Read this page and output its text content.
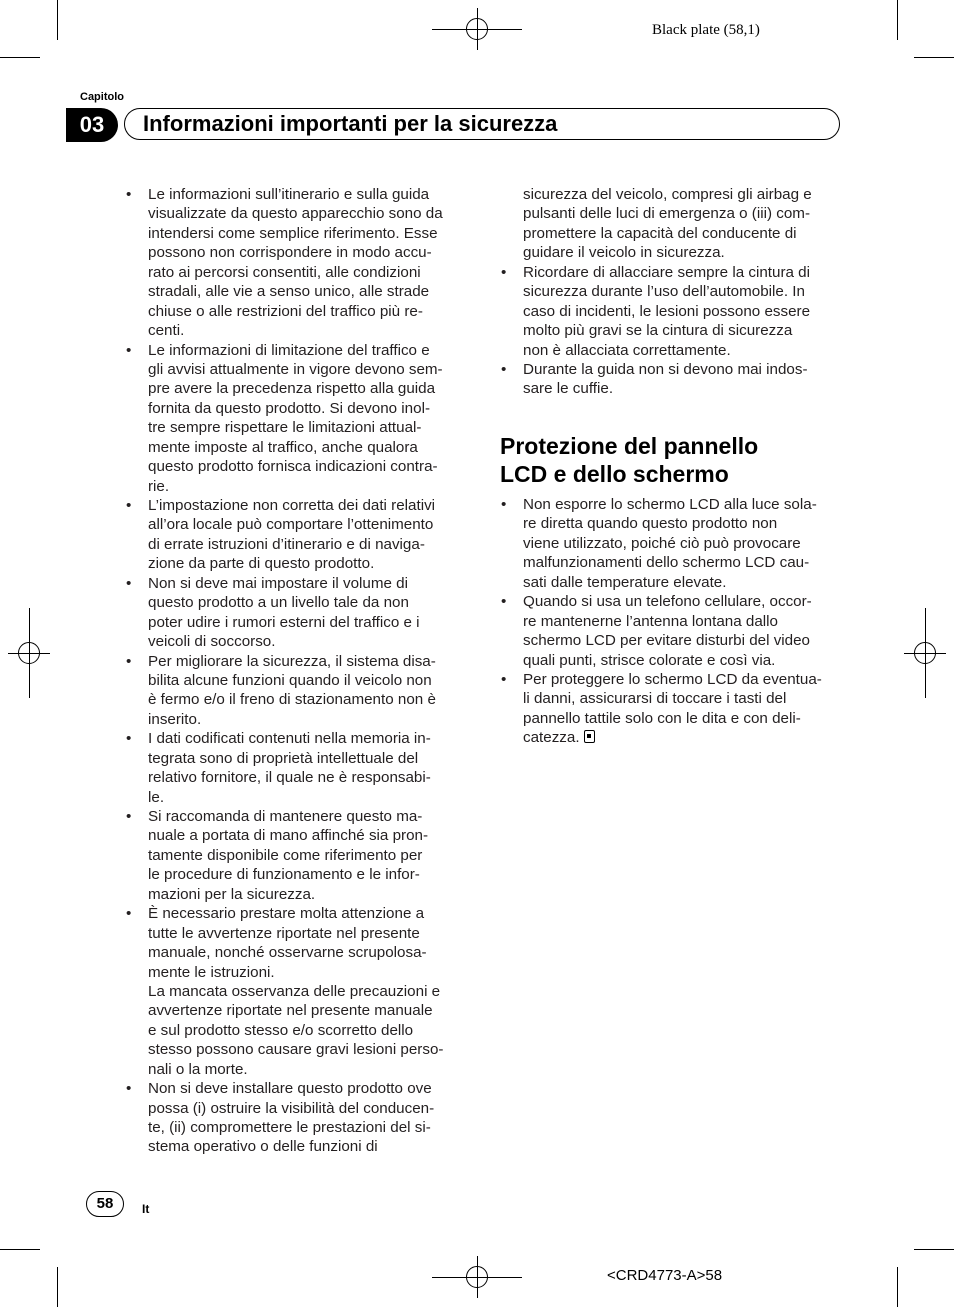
Black plate (58,1)
Capitolo
03	Informazioni importanti per la sicurezza
• Le informazioni sull’itinerario e sulla guida
visualizzate da questo apparecchio sono da
intendersi come semplice riferimento. Esse
possono non corrispondere in modo accu-
rato ai percorsi consentiti, alle condizioni
stradali, alle vie a senso unico, alle strade
chiuse o alle restrizioni del traffico più re-
centi.
• Le informazioni di limitazione del traffico e
gli avvisi attualmente in vigore devono sem-
pre avere la precedenza rispetto alla guida
fornita da questo prodotto. Si devono inol-
tre sempre rispettare le limitazioni attual-
mente imposte al traffico, anche qualora
questo prodotto fornisca indicazioni contra-
rie.
• L’impostazione non corretta dei dati relativi
all’ora locale può comportare l’ottenimento
di errate istruzioni d’itinerario e di naviga-
zione da parte di questo prodotto.
• Non si deve mai impostare il volume di
questo prodotto a un livello tale da non
poter udire i rumori esterni del traffico e i
veicoli di soccorso.
• Per migliorare la sicurezza, il sistema disa-
bilita alcune funzioni quando il veicolo non
è fermo e/o il freno di stazionamento non è
inserito.
• I dati codificati contenuti nella memoria in-
tegrata sono di proprietà intellettuale del
relativo fornitore, il quale ne è responsabi-
le.
• Si raccomanda di mantenere questo ma-
nuale a portata di mano affinché sia pron-
tamente disponibile come riferimento per
le procedure di funzionamento e le infor-
mazioni per la sicurezza.
• È necessario prestare molta attenzione a
tutte le avvertenze riportate nel presente
manuale, nonché osservarne scrupolosa-
mente le istruzioni.
La mancata osservanza delle precauzioni e
avvertenze riportate nel presente manuale
e sul prodotto stesso e/o scorretto dello
stesso possono causare gravi lesioni perso-
nali o la morte.
• Non si deve installare questo prodotto ove
possa (i) ostruire la visibilità del conducen-
te, (ii) compromettere le prestazioni del si-
stema operativo o delle funzioni di
sicurezza del veicolo, compresi gli airbag e
pulsanti delle luci di emergenza o (iii) com-
promettere la capacità del conducente di
guidare il veicolo in sicurezza.
• Ricordare di allacciare sempre la cintura di
sicurezza durante l’uso dell’automobile. In
caso di incidenti, le lesioni possono essere
molto più gravi se la cintura di sicurezza
non è allacciata correttamente.
• Durante la guida non si devono mai indos-
sare le cuffie.
Protezione del pannello
LCD e dello schermo
• Non esporre lo schermo LCD alla luce sola-
re diretta quando questo prodotto non
viene utilizzato, poiché ciò può provocare
malfunzionamenti dello schermo LCD cau-
sati dalle temperature elevate.
• Quando si usa un telefono cellulare, occor-
re mantenerne l’antenna lontana dallo
schermo LCD per evitare disturbi del video
quali punti, strisce colorate e così via.
• Per proteggere lo schermo LCD da eventua-
li danni, assicurarsi di toccare i tasti del
pannello tattile solo con le dita e con deli-
catezza.
58	It
<CRD4773-A>58
